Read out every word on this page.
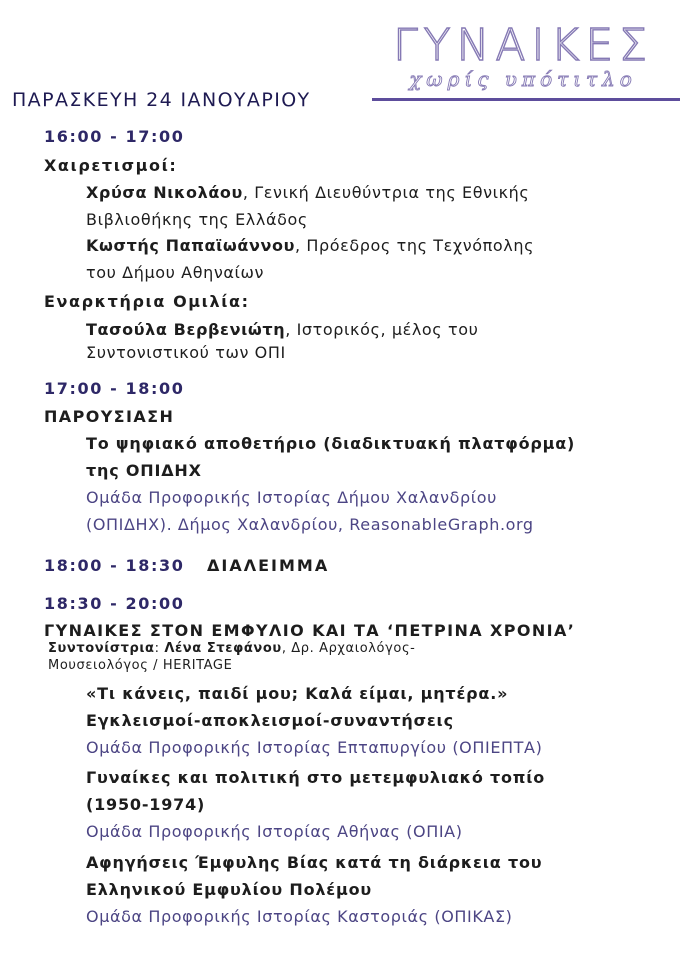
ΓΥΝΑΙΚΕΣ
χωρίς υπότιτλο
ΠΑΡΑΣΚΕΥΗ 24 ΙΑΝΟΥΑΡΙΟΥ
16:00 - 17:00
Χαιρετισμοί:
Χρύσα Νικολάου, Γενική Διευθύντρια της Εθνικής
Βιβλιοθήκης της Ελλάδος
Κωστής Παπαϊωάννου, Πρόεδρος της Τεχνόπολης
του Δήμου Αθηναίων
Εναρκτήρια Ομιλία:
Τασούλα Βερβενιώτη, Ιστορικός, μέλος του
Συντονιστικού των ΟΠΙ
17:00 - 18:00
ΠΑΡΟΥΣΙΑΣΗ
Το ψηφιακό αποθετήριο (διαδικτυακή πλατφόρμα)
της ΟΠΙΔΗΧ
Ομάδα Προφορικής Ιστορίας Δήμου Χαλανδρίου
(ΟΠΙΔΗΧ). Δήμος Χαλανδρίου, ReasonableGraph.org
18:00 - 18:30 ΔΙΑΛΕΙΜΜΑ
18:30 - 20:00
ΓΥΝΑΙΚΕΣ ΣΤΟΝ ΕΜΦΥΛΙΟ ΚΑΙ ΤΑ ‘ΠΕΤΡΙΝΑ ΧΡΟΝΙΑ’
Συντονίστρια: Λένα Στεφάνου, Δρ. Αρχαιολόγος-
Μουσειολόγος / HERITAGE
«Τι κάνεις, παιδί μου; Καλά είμαι, μητέρα.»
Εγκλεισμοί-αποκλεισμοί-συναντήσεις
Ομάδα Προφορικής Ιστορίας Επταπυργίου (ΟΠΙΕΠΤΑ)
Γυναίκες και πολιτική στο μετεμφυλιακό τοπίο
(1950-1974)
Ομάδα Προφορικής Ιστορίας Αθήνας (ΟΠΙΑ)
Αφηγήσεις Έμφυλης Βίας κατά τη διάρκεια του
Ελληνικού Εμφυλίου Πολέμου
Ομάδα Προφορικής Ιστορίας Καστοριάς (ΟΠΙΚΑΣ)
